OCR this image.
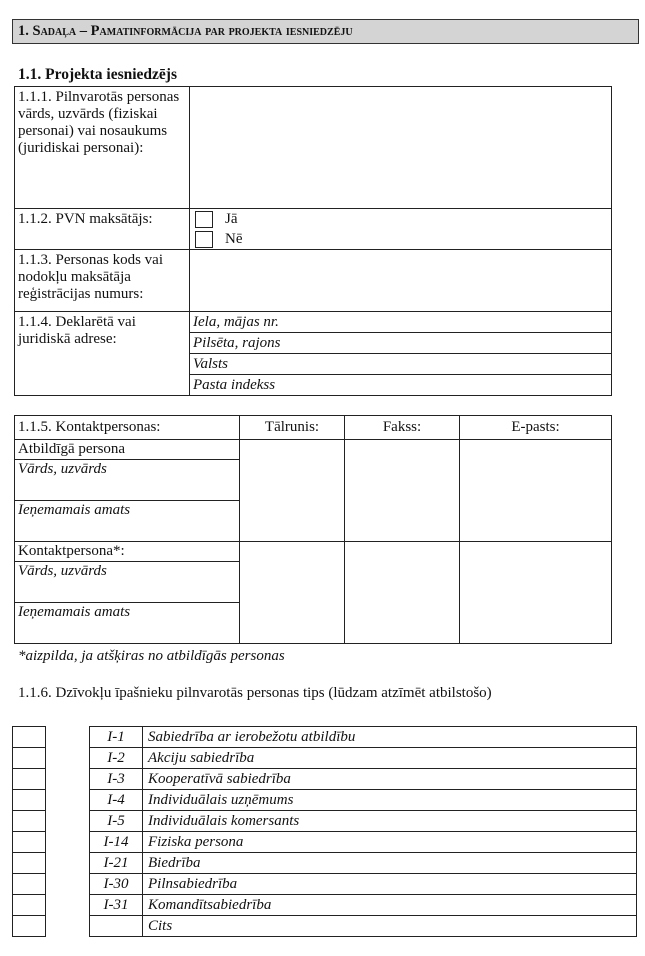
1. Sadaļa – Pamatinformācija par projekta iesniedzēju
1.1. Projekta iesniedzējs
1.1.1. Pilnvarotās personas vārds, uzvārds (fiziskai personai) vai nosaukums (juridiskai personai):	
1.1.2. PVN maksātājs:	Jā
Nē

1.1.3. Personas kods vai nodokļu maksātāja reģistrācijas numurs:	
1.1.4. Deklarētā vai juridiskā adrese:	Iela, mājas nr.
	Pilsēta, rajons
	Valsts
	Pasta indekss
1.1.5. Kontaktpersonas:	Tālrunis:	Fakss:	E-pasts:
Atbildīgā persona			
Vārds, uzvārds			
Ieņemamais amats			
Kontaktpersona*:			
Vārds, uzvārds			
Ieņemamais amats			
*aizpilda, ja atšķiras no atbildīgās personas
1.1.6. Dzīvokļu īpašnieku pilnvarotās personas tips (lūdzam atzīmēt atbilstošo)

I-1	Sabiedrība ar ierobežotu atbildību
I-2	Akciju sabiedrība
I-3	Kooperatīvā sabiedrība
I-4	Individuālais uzņēmums
I-5	Individuālais komersants
I-14	Fiziska persona
I-21	Biedrība
I-30	Pilnsabiedrība
I-31	Komandītsabiedrība
	Cits
